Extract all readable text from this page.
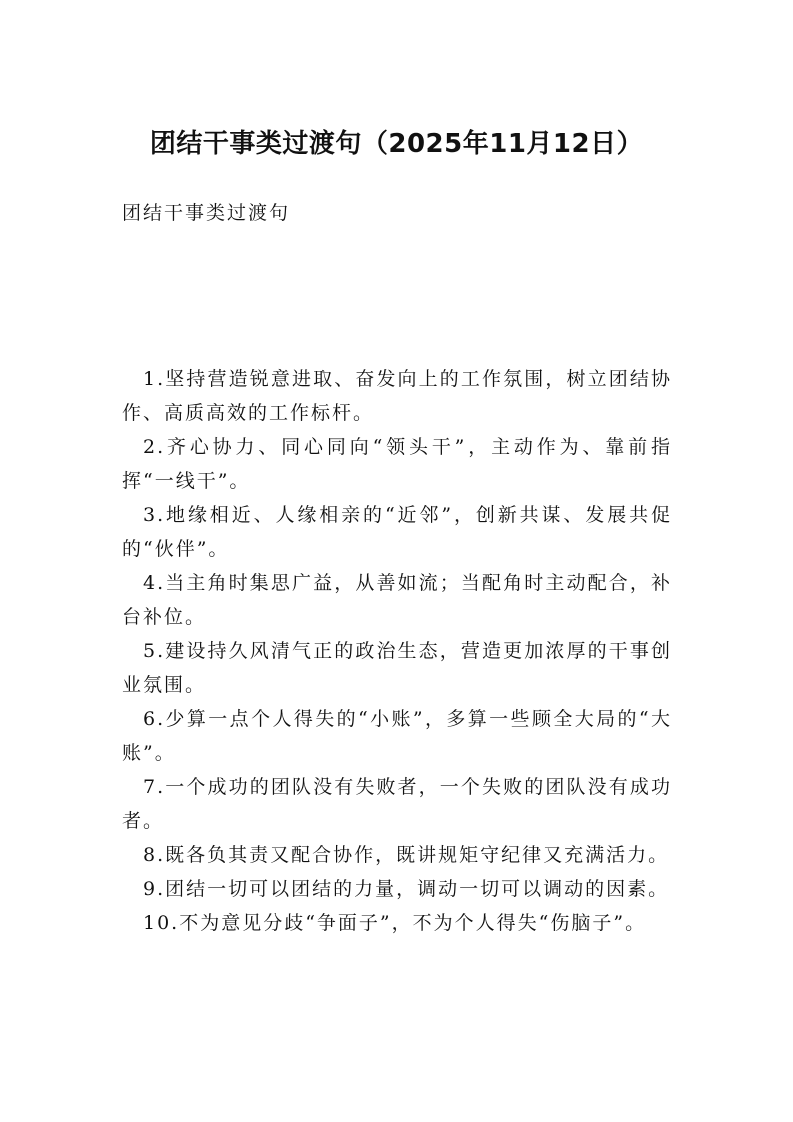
团结干事类过渡句（2025年11月12日）
团结干事类过渡句

1.坚持营造锐意进取、奋发向上的工作氛围，树立团结协作、高质高效的工作标杆。

2.齐心协力、同心同向“领头干”，主动作为、靠前指挥“一线干”。

3.地缘相近、人缘相亲的“近邻”，创新共谋、发展共促的“伙伴”。

4.当主角时集思广益，从善如流；当配角时主动配合，补台补位。

5.建设持久风清气正的政治生态，营造更加浓厚的干事创业氛围。

6.少算一点个人得失的“小账”，多算一些顾全大局的“大账”。

7.一个成功的团队没有失败者，一个失败的团队没有成功者。

8.既各负其责又配合协作，既讲规矩守纪律又充满活力。

9.团结一切可以团结的力量，调动一切可以调动的因素。

10.不为意见分歧“争面子”，不为个人得失“伤脑子”。
